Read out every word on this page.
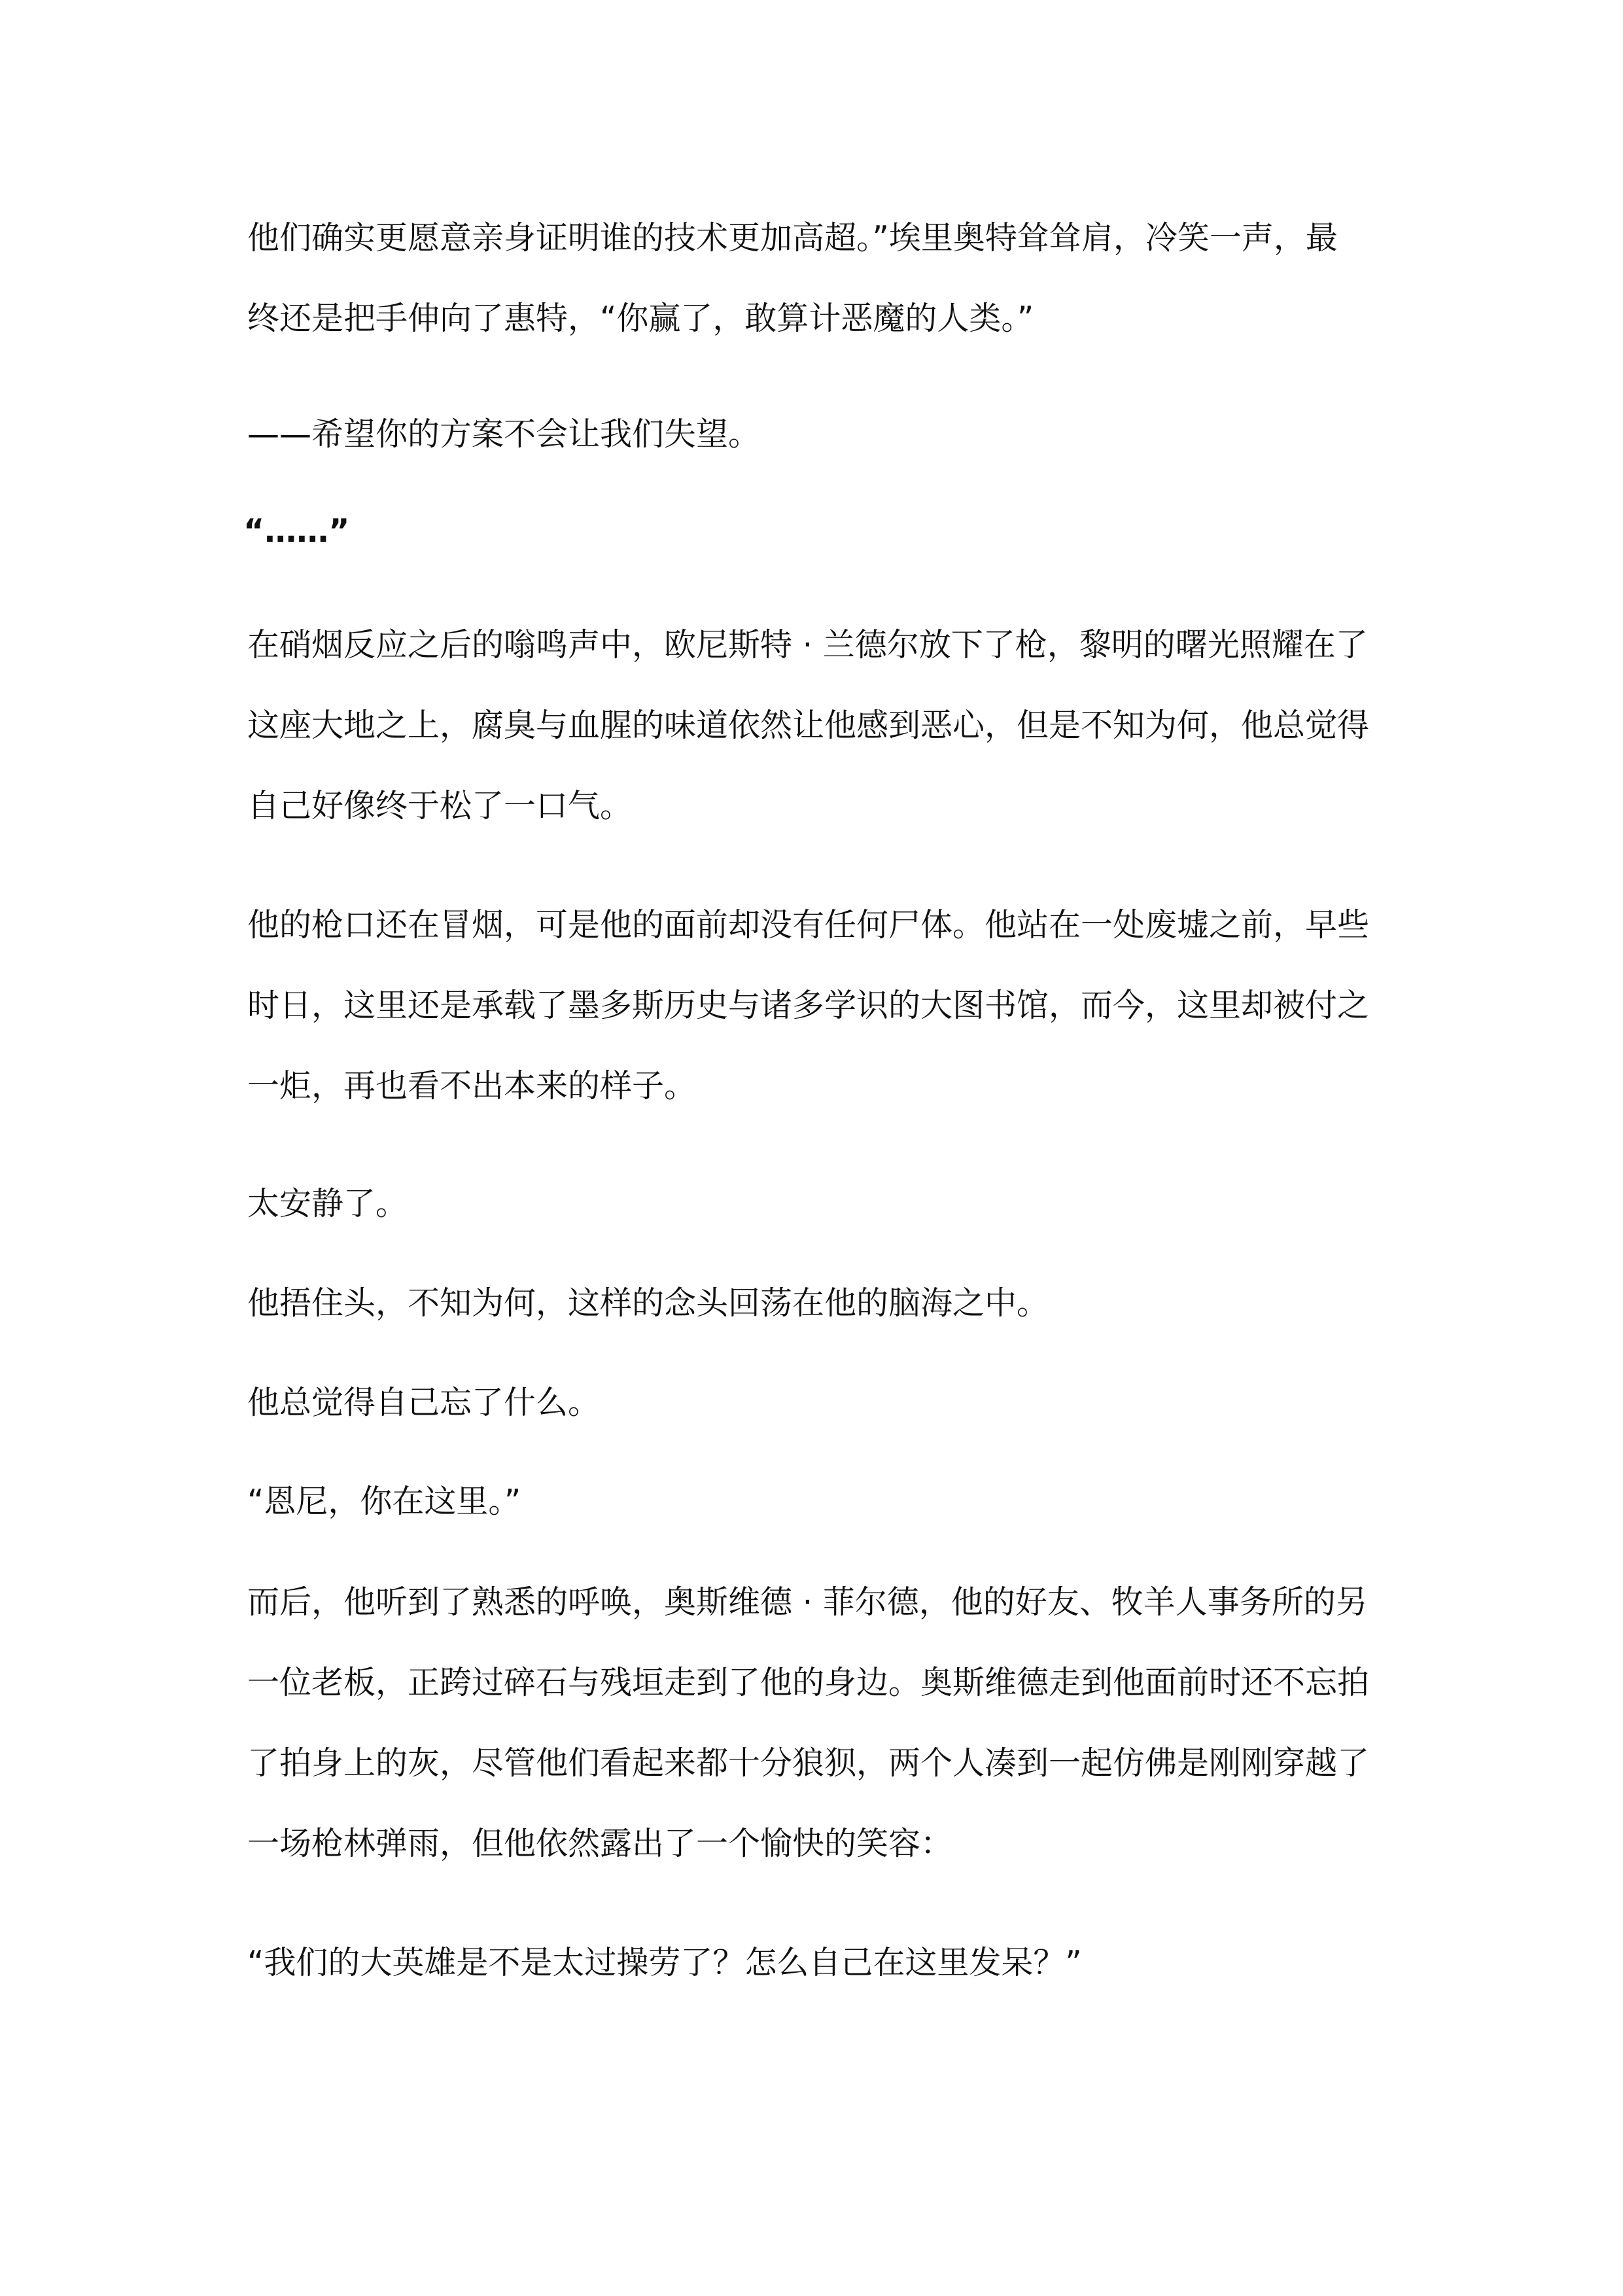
他们确实更愿意亲身证明谁的技术更加高超。”埃里奥特耸耸肩，冷笑一声，最
终还是把手伸向了惠特，“你赢了，敢算计恶魔的人类。”
——希望你的方案不会让我们失望。
“……”
在硝烟反应之后的嗡鸣声中，欧尼斯特 · 兰德尔放下了枪，黎明的曙光照耀在了
这座大地之上，腐臭与血腥的味道依然让他感到恶心，但是不知为何，他总觉得
自己好像终于松了一口气。
他的枪口还在冒烟，可是他的面前却没有任何尸体。他站在一处废墟之前，早些
时日，这里还是承载了墨多斯历史与诸多学识的大图书馆，而今，这里却被付之
一炬，再也看不出本来的样子。
太安静了。
他捂住头，不知为何，这样的念头回荡在他的脑海之中。
他总觉得自己忘了什么。
“恩尼，你在这里。”
而后，他听到了熟悉的呼唤，奥斯维德 · 菲尔德，他的好友、牧羊人事务所的另
一位老板，正跨过碎石与残垣走到了他的身边。奥斯维德走到他面前时还不忘拍
了拍身上的灰，尽管他们看起来都十分狼狈，两个人凑到一起仿佛是刚刚穿越了
一场枪林弹雨，但他依然露出了一个愉快的笑容：
“我们的大英雄是不是太过操劳了？怎么自己在这里发呆？”
